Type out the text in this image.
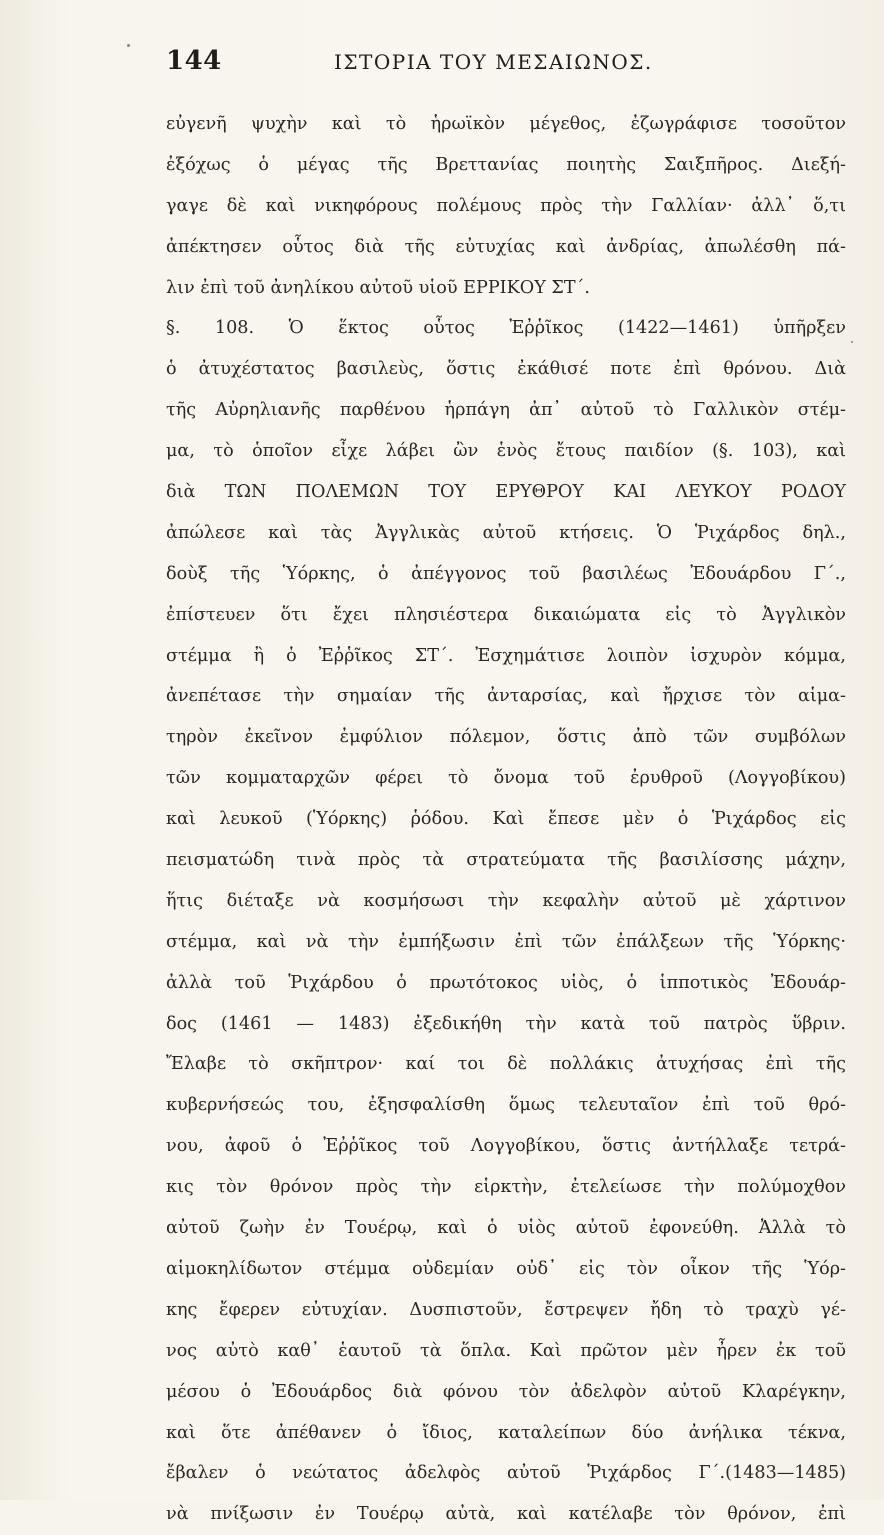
144	ΙΣΤΟΡΙΑ ΤΟΥ ΜΕΣΑΙΩΝΟΣ.
εὐγενῆ ψυχὴν καὶ τὸ ἡρωϊκὸν μέγεθος, ἐζωγράφισε τοσοῦτον
ἐξόχως ὁ μέγας τῆς Βρεττανίας ποιητὴς Σαιξπῆρος. Διεξή-
γαγε δὲ καὶ νικηφόρους πολέμους πρὸς τὴν Γαλλίαν· ἀλλ᾿ ὅ,τι
ἀπέκτησεν οὗτος διὰ τῆς εὐτυχίας καὶ ἀνδρίας, ἀπωλέσθη πά-
λιν ἐπὶ τοῦ ἀνηλίκου αὐτοῦ υἱοῦ ΕΡΡΙΚΟΥ ΣΤ΄.
§. 108. Ὁ ἕκτος οὗτος Ἐῤῥῖκος (1422—1461) ὑπῆρξεν
ὁ ἀτυχέστατος βασιλεὺς, ὅστις ἐκάθισέ ποτε ἐπὶ θρόνου. Διὰ
τῆς Αὐρηλιανῆς παρθένου ἡρπάγη ἀπ᾿ αὐτοῦ τὸ Γαλλικὸν στέμ-
μα, τὸ ὁποῖον εἶχε λάβει ὢν ἑνὸς ἔτους παιδίον (§. 103), καὶ
διὰ ΤΩΝ ΠΟΛΕΜΩΝ ΤΟΥ ΕΡΥΘΡΟΥ ΚΑΙ ΛΕΥΚΟΥ ΡΟΔΟΥ
ἀπώλεσε καὶ τὰς Ἀγγλικὰς αὐτοῦ κτήσεις. Ὁ Ῥιχάρδος δηλ.,
δοὺξ τῆς Ὑόρκης, ὁ ἀπέγγονος τοῦ βασιλέως Ἐδουάρδου Γ΄.,
ἐπίστευεν ὅτι ἔχει πλησιέστερα δικαιώματα εἰς τὸ Ἀγγλικὸν
στέμμα ἢ ὁ Ἐῤῥῖκος ΣΤ΄. Ἐσχημάτισε λοιπὸν ἰσχυρὸν κόμμα,
ἀνεπέτασε τὴν σημαίαν τῆς ἀνταρσίας, καὶ ἤρχισε τὸν αἱμα-
τηρὸν ἐκεῖνον ἐμφύλιον πόλεμον, ὅστις ἀπὸ τῶν συμβόλων
τῶν κομματαρχῶν φέρει τὸ ὄνομα τοῦ ἐρυθροῦ (Λογγοβίκου)
καὶ λευκοῦ (Ὑόρκης) ῥόδου. Καὶ ἔπεσε μὲν ὁ Ῥιχάρδος εἰς
πεισματώδη τινὰ πρὸς τὰ στρατεύματα τῆς βασιλίσσης μάχην,
ἥτις διέταξε νὰ κοσμήσωσι τὴν κεφαλὴν αὐτοῦ μὲ χάρτινον
στέμμα, καὶ νὰ τὴν ἐμπήξωσιν ἐπὶ τῶν ἐπάλξεων τῆς Ὑόρκης·
ἀλλὰ τοῦ Ῥιχάρδου ὁ πρωτότοκος υἱὸς, ὁ ἱπποτικὸς Ἐδουάρ-
δος (1461 — 1483) ἐξεδικήθη τὴν κατὰ τοῦ πατρὸς ὕβριν.
Ἔλαβε τὸ σκῆπτρον· καί τοι δὲ πολλάκις ἀτυχήσας ἐπὶ τῆς
κυβερνήσεώς του, ἐξησφαλίσθη ὅμως τελευταῖον ἐπὶ τοῦ θρό-
νου, ἀφοῦ ὁ Ἐῤῥῖκος τοῦ Λογγοβίκου, ὅστις ἀντήλλαξε τετρά-
κις τὸν θρόνον πρὸς τὴν εἱρκτὴν, ἐτελείωσε τὴν πολύμοχθον
αὐτοῦ ζωὴν ἐν Τουέρῳ, καὶ ὁ υἱὸς αὐτοῦ ἐφονεύθη. Ἀλλὰ τὸ
αἱμοκηλίδωτον στέμμα οὐδεμίαν οὐδ᾿ εἰς τὸν οἶκον τῆς Ὑόρ-
κης ἔφερεν εὐτυχίαν. Δυσπιστοῦν, ἔστρεψεν ἤδη τὸ τραχὺ γέ-
νος αὐτὸ καθ᾿ ἑαυτοῦ τὰ ὅπλα. Καὶ πρῶτον μὲν ἦρεν ἐκ τοῦ
μέσου ὁ Ἐδουάρδος διὰ φόνου τὸν ἀδελφὸν αὐτοῦ Κλαρέγκην,
καὶ ὅτε ἀπέθανεν ὁ ἴδιος, καταλείπων δύο ἀνήλικα τέκνα,
ἔβαλεν ὁ νεώτατος ἀδελφὸς αὐτοῦ Ῥιχάρδος Γ΄.(1483—1485)
νὰ πνίξωσιν ἐν Τουέρῳ αὐτὰ, καὶ κατέλαβε τὸν θρόνον, ἐπὶ
